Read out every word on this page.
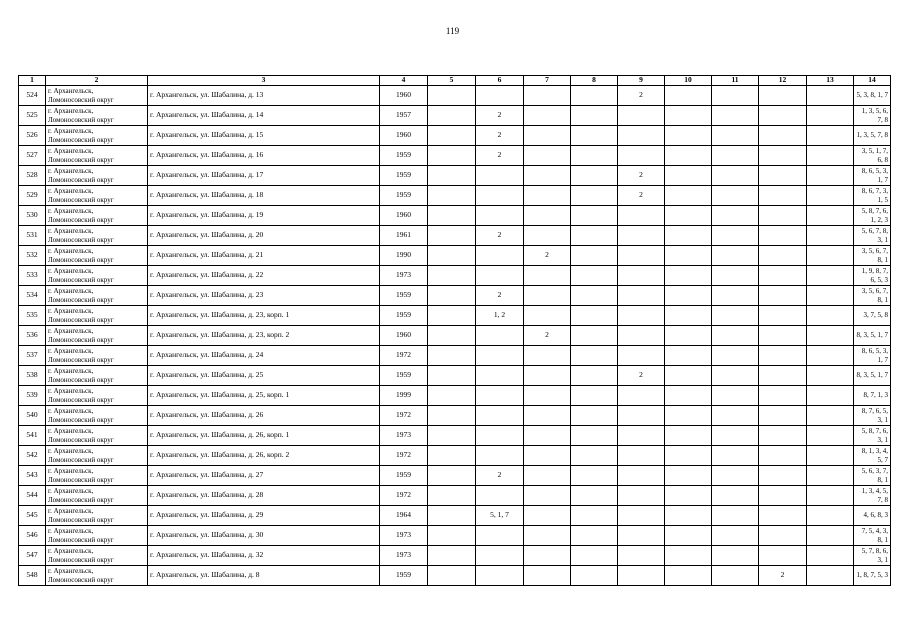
119
1	2	3	4	5	6	7	8	9	10	11	12	13	14
524	г. Архангельск,
Ломоносовский округ	г. Архангельск, ул. Шабалина, д. 13	1960					2					5, 3, 8, 1, 7
525	г. Архангельск,
Ломоносовский округ	г. Архангельск, ул. Шабалина, д. 14	1957		2								1, 3, 5, 6, 7, 8
526	г. Архангельск,
Ломоносовский округ	г. Архангельск, ул. Шабалина, д. 15	1960		2								1, 3, 5, 7, 8
527	г. Архангельск,
Ломоносовский округ	г. Архангельск, ул. Шабалина, д. 16	1959		2								3, 5, 1, 7, 6, 8
528	г. Архангельск,
Ломоносовский округ	г. Архангельск, ул. Шабалина, д. 17	1959					2					8, 6, 5, 3, 1, 7
529	г. Архангельск,
Ломоносовский округ	г. Архангельск, ул. Шабалина, д. 18	1959					2					8, 6, 7, 3, 1, 5
530	г. Архангельск,
Ломоносовский округ	г. Архангельск, ул. Шабалина, д. 19	1960										5, 8, 7, 6, 1, 2, 3
531	г. Архангельск,
Ломоносовский округ	г. Архангельск, ул. Шабалина, д. 20	1961		2								5, 6, 7, 8, 3, 1
532	г. Архангельск,
Ломоносовский округ	г. Архангельск, ул. Шабалина, д. 21	1990			2							3, 5, 6, 7, 8, 1
533	г. Архангельск,
Ломоносовский округ	г. Архангельск, ул. Шабалина, д. 22	1973										1, 9, 8, 7, 6, 5, 3
534	г. Архангельск,
Ломоносовский округ	г. Архангельск, ул. Шабалина, д. 23	1959		2								3, 5, 6, 7, 8, 1
535	г. Архангельск,
Ломоносовский округ	г. Архангельск, ул. Шабалина, д. 23, корп. 1	1959		1, 2								3, 7, 5, 8
536	г. Архангельск,
Ломоносовский округ	г. Архангельск, ул. Шабалина, д. 23, корп. 2	1960			2							8, 3, 5, 1, 7
537	г. Архангельск,
Ломоносовский округ	г. Архангельск, ул. Шабалина, д. 24	1972										8, 6, 5, 3, 1, 7
538	г. Архангельск,
Ломоносовский округ	г. Архангельск, ул. Шабалина, д. 25	1959					2					8, 3, 5, 1, 7
539	г. Архангельск,
Ломоносовский округ	г. Архангельск, ул. Шабалина, д. 25, корп. 1	1999										8, 7, 1, 3
540	г. Архангельск,
Ломоносовский округ	г. Архангельск, ул. Шабалина, д. 26	1972										8, 7, 6, 5, 3, 1
541	г. Архангельск,
Ломоносовский округ	г. Архангельск, ул. Шабалина, д. 26, корп. 1	1973										5, 8, 7, 6, 3, 1
542	г. Архангельск,
Ломоносовский округ	г. Архангельск, ул. Шабалина, д. 26, корп. 2	1972										8, 1, 3, 4, 5, 7
543	г. Архангельск,
Ломоносовский округ	г. Архангельск, ул. Шабалина, д. 27	1959		2								5, 6, 3, 7, 8, 1
544	г. Архангельск,
Ломоносовский округ	г. Архангельск, ул. Шабалина, д. 28	1972										1, 3, 4, 5, 7, 8
545	г. Архангельск,
Ломоносовский округ	г. Архангельск, ул. Шабалина, д. 29	1964		5, 1, 7								4, 6, 8, 3
546	г. Архангельск,
Ломоносовский округ	г. Архангельск, ул. Шабалина, д. 30	1973										7, 5, 4, 3, 8, 1
547	г. Архангельск,
Ломоносовский округ	г. Архангельск, ул. Шабалина, д. 32	1973										5, 7, 8, 6, 3, 1
548	г. Архангельск,
Ломоносовский округ	г. Архангельск, ул. Шабалина, д. 8	1959								2		1, 8, 7, 5, 3
